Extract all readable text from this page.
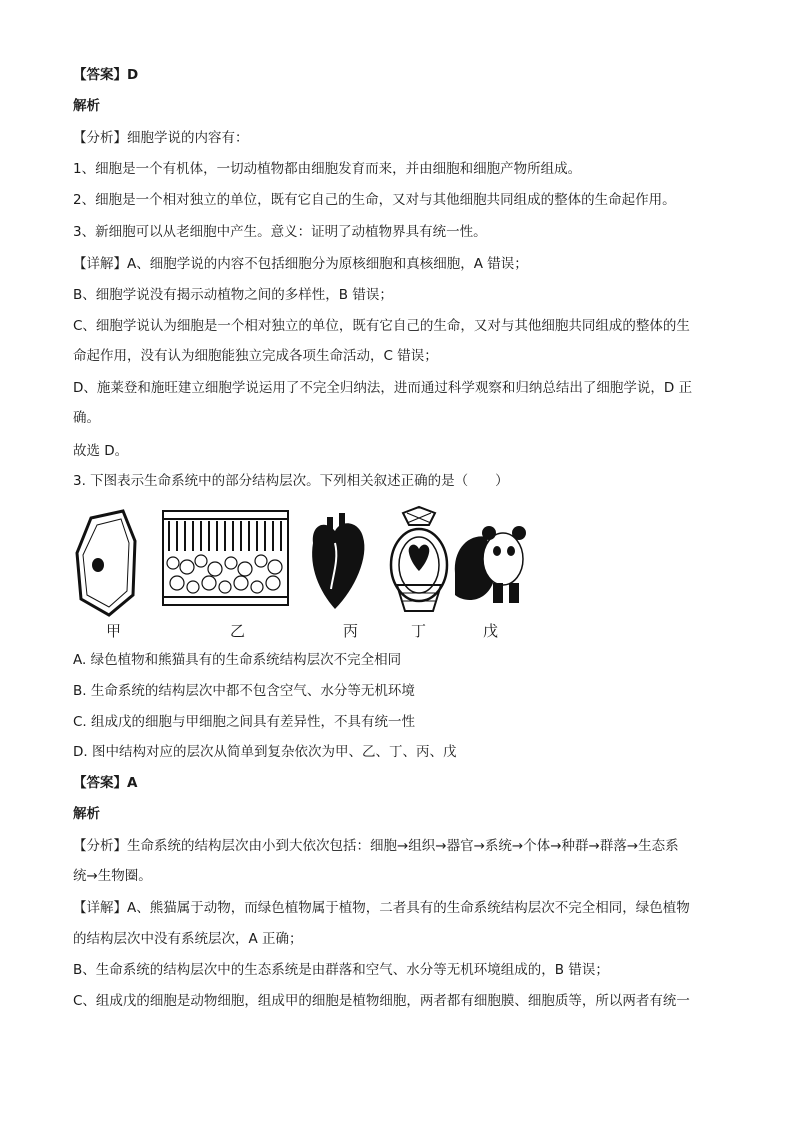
【答案】D
解析
【分析】细胞学说的内容有：
1、细胞是一个有机体，一切动植物都由细胞发育而来，并由细胞和细胞产物所组成。
2、细胞是一个相对独立的单位，既有它自己的生命，又对与其他细胞共同组成的整体的生命起作用。
3、新细胞可以从老细胞中产生。意义：证明了动植物界具有统一性。
【详解】A、细胞学说的内容不包括细胞分为原核细胞和真核细胞，A 错误；
B、细胞学说没有揭示动植物之间的多样性，B 错误；
C、细胞学说认为细胞是一个相对独立的单位，既有它自己的生命，又对与其他细胞共同组成的整体的生
命起作用，没有认为细胞能独立完成各项生命活动，C 错误；
D、施莱登和施旺建立细胞学说运用了不完全归纳法，进而通过科学观察和归纳总结出了细胞学说，D 正
确。
故选 D。
3. 下图表示生命系统中的部分结构层次。下列相关叙述正确的是（　　）
甲	乙	丙	丁	戊
A. 绿色植物和熊猫具有的生命系统结构层次不完全相同
B. 生命系统的结构层次中都不包含空气、水分等无机环境
C. 组成戊的细胞与甲细胞之间具有差异性，不具有统一性
D. 图中结构对应的层次从简单到复杂依次为甲、乙、丁、丙、戊
【答案】A
解析
【分析】生命系统的结构层次由小到大依次包括：细胞→组织→器官→系统→个体→种群→群落→生态系
统→生物圈。
【详解】A、熊猫属于动物，而绿色植物属于植物，二者具有的生命系统结构层次不完全相同，绿色植物
的结构层次中没有系统层次，A 正确；
B、生命系统的结构层次中的生态系统是由群落和空气、水分等无机环境组成的，B 错误；
C、组成戊的细胞是动物细胞，组成甲的细胞是植物细胞，两者都有细胞膜、细胞质等，所以两者有统一
